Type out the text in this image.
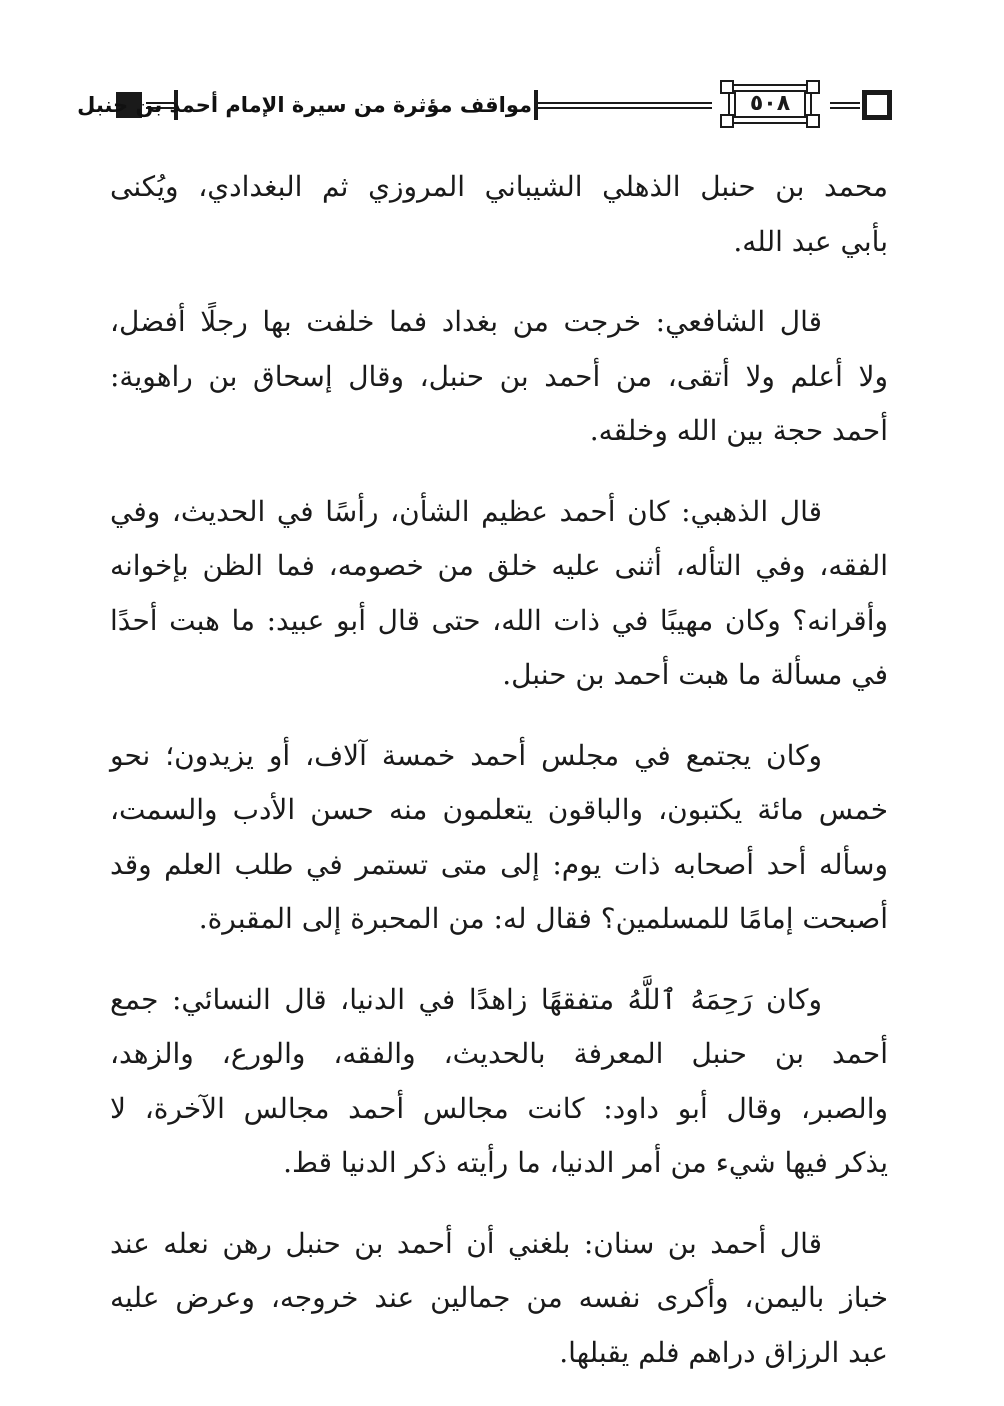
مواقف مؤثرة من سيرة الإمام أحمد بن حنبل	٥٠٨

محمد بن حنبل الذهلي الشيباني المروزي ثم البغدادي، ويُكنى
بأبي عبد الله.

قال الشافعي: خرجت من بغداد فما خلفت بها رجلًا أفضل،
ولا أعلم ولا أتقى، من أحمد بن حنبل، وقال إسحاق بن راهوية:
أحمد حجة بين الله وخلقه.

قال الذهبي: كان أحمد عظيم الشأن، رأسًا في الحديث، وفي
الفقه، وفي التأله، أثنى عليه خلق من خصومه، فما الظن بإخوانه
وأقرانه؟ وكان مهيبًا في ذات الله، حتى قال أبو عبيد: ما هبت أحدًا
في مسألة ما هبت أحمد بن حنبل.

وكان يجتمع في مجلس أحمد خمسة آلاف، أو يزيدون؛ نحو
خمس مائة يكتبون، والباقون يتعلمون منه حسن الأدب والسمت،
وسأله أحد أصحابه ذات يوم: إلى متى تستمر في طلب العلم وقد
أصبحت إمامًا للمسلمين؟ فقال له: من المحبرة إلى المقبرة.

وكان رَحِمَهُ ٱللَّهُ متفقهًا زاهدًا في الدنيا، قال النسائي: جمع
أحمد بن حنبل المعرفة بالحديث، والفقه، والورع، والزهد،
والصبر، وقال أبو داود: كانت مجالس أحمد مجالس الآخرة، لا
يذكر فيها شيء من أمر الدنيا، ما رأيته ذكر الدنيا قط.

قال أحمد بن سنان: بلغني أن أحمد بن حنبل رهن نعله عند
خباز باليمن، وأكرى نفسه من جمالين عند خروجه، وعرض عليه
عبد الرزاق دراهم فلم يقبلها.
